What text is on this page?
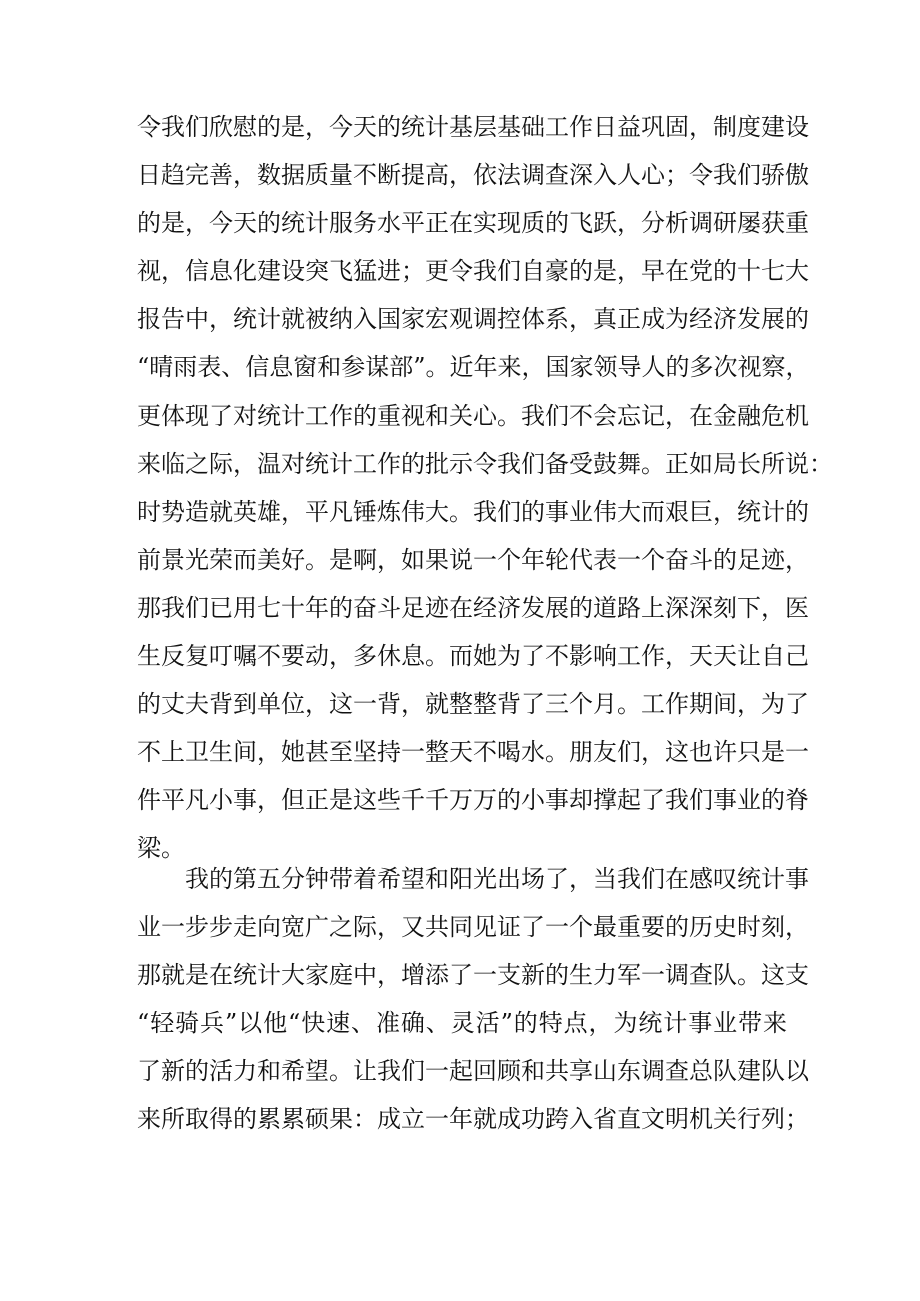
令我们欣慰的是，今天的统计基层基础工作日益巩固，制度建设
日趋完善，数据质量不断提高，依法调查深入人心；令我们骄傲
的是，今天的统计服务水平正在实现质的飞跃，分析调研屡获重
视，信息化建设突飞猛进；更令我们自豪的是，早在党的十七大
报告中，统计就被纳入国家宏观调控体系，真正成为经济发展的
“晴雨表、信息窗和参谋部”。近年来，国家领导人的多次视察，
更体现了对统计工作的重视和关心。我们不会忘记，在金融危机
来临之际，温对统计工作的批示令我们备受鼓舞。正如局长所说：
时势造就英雄，平凡锤炼伟大。我们的事业伟大而艰巨，统计的
前景光荣而美好。是啊，如果说一个年轮代表一个奋斗的足迹，
那我们已用七十年的奋斗足迹在经济发展的道路上深深刻下，医
生反复叮嘱不要动，多休息。而她为了不影响工作，天天让自己
的丈夫背到单位，这一背，就整整背了三个月。工作期间，为了
不上卫生间，她甚至坚持一整天不喝水。朋友们，这也许只是一
件平凡小事，但正是这些千千万万的小事却撑起了我们事业的脊
梁。
我的第五分钟带着希望和阳光出场了，当我们在感叹统计事
业一步步走向宽广之际，又共同见证了一个最重要的历史时刻，
那就是在统计大家庭中，增添了一支新的生力军一调查队。这支
“轻骑兵”以他“快速、准确、灵活”的特点，为统计事业带来
了新的活力和希望。让我们一起回顾和共享山东调查总队建队以
来所取得的累累硕果：成立一年就成功跨入省直文明机关行列；
